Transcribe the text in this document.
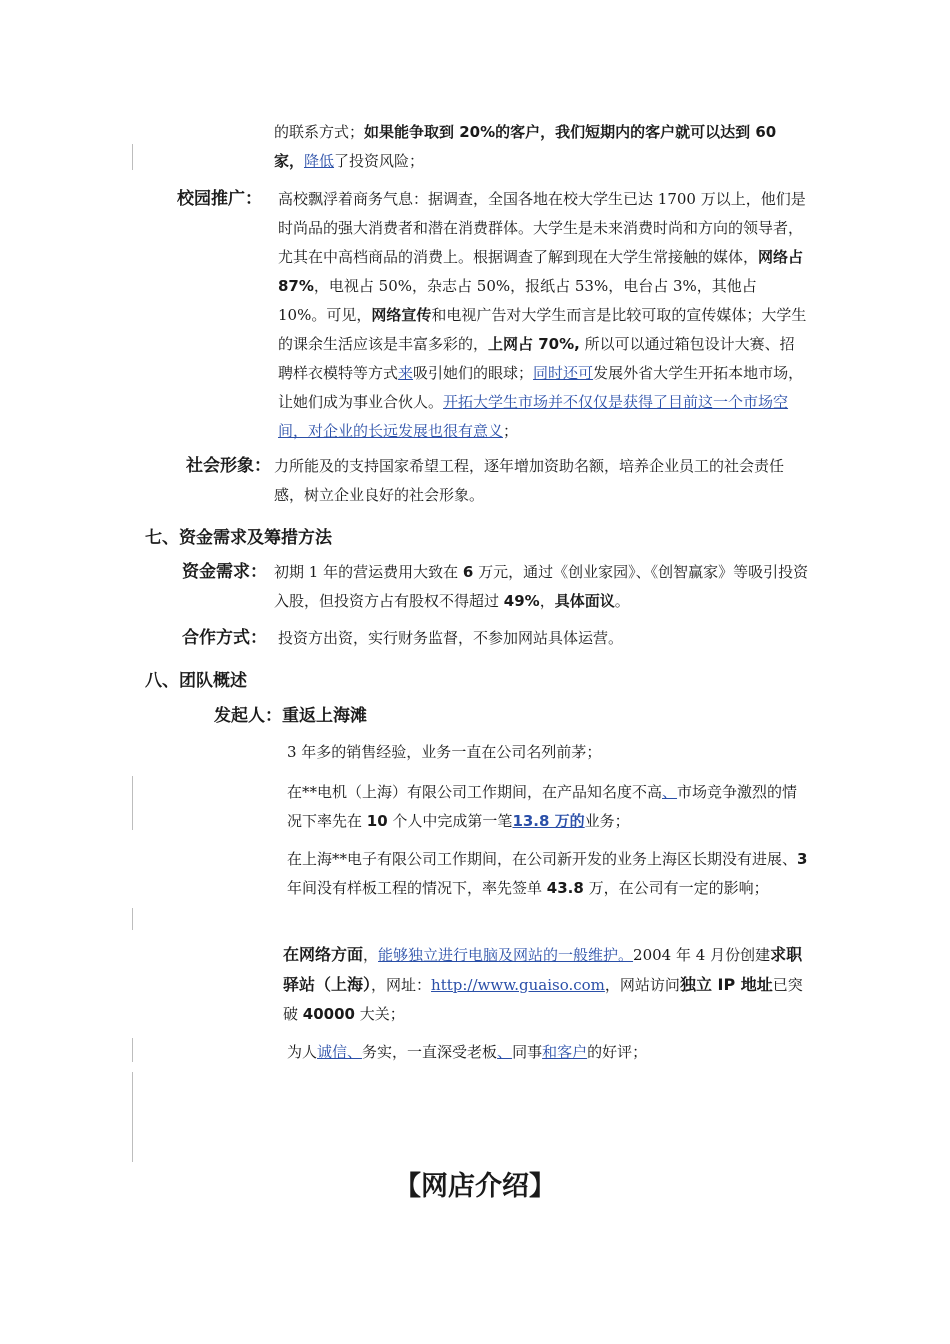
的联系方式；如果能争取到 20%的客户，我们短期内的客户就可以达到 60 家，降低了投资风险；
校园推广： 高校飘浮着商务气息：据调查，全国各地在校大学生已达 1700 万以上，他们是时尚品的强大消费者和潜在消费群体。大学生是未来消费时尚和方向的领导者，尤其在中高档商品的消费上。根据调查了解到现在大学生常接触的媒体，网络占 87%，电视占 50%，杂志占 50%，报纸占 53%，电台占 3%，其他占 10%。可见，网络宣传和电视广告对大学生而言是比较可取的宣传媒体；大学生的课余生活应该是丰富多彩的，上网占 70%, 所以可以通过箱包设计大赛、招聘样衣模特等方式来吸引她们的眼球；同时还可发展外省大学生开拓本地市场，让她们成为事业合伙人。开拓大学生市场并不仅仅是获得了目前这一个市场空间，对企业的长远发展也很有意义；
社会形象： 力所能及的支持国家希望工程，逐年增加资助名额，培养企业员工的社会责任感，树立企业良好的社会形象。
七、资金需求及筹措方法
资金需求： 初期 1 年的营运费用大致在 6 万元，通过《创业家园》、《创智赢家》等吸引投资入股，但投资方占有股权不得超过 49%，具体面议。
合作方式： 投资方出资，实行财务监督，不参加网站具体运营。
八、团队概述
发起人：重返上海滩
3 年多的销售经验，业务一直在公司名列前茅；
在**电机（上海）有限公司工作期间，在产品知名度不高、市场竞争激烈的情况下率先在 10 个人中完成第一笔13.8 万的业务；
在上海**电子有限公司工作期间，在公司新开发的业务上海区长期没有进展、3 年间没有样板工程的情况下，率先签单 43.8 万，在公司有一定的影响；
在网络方面，能够独立进行电脑及网站的一般维护。2004 年 4 月份创建求职驿站（上海），网址：http://www.guaiso.com，网站访问独立 IP 地址已突破 40000 大关；
为人诚信、务实，一直深受老板、同事和客户的好评；
【网店介绍】
